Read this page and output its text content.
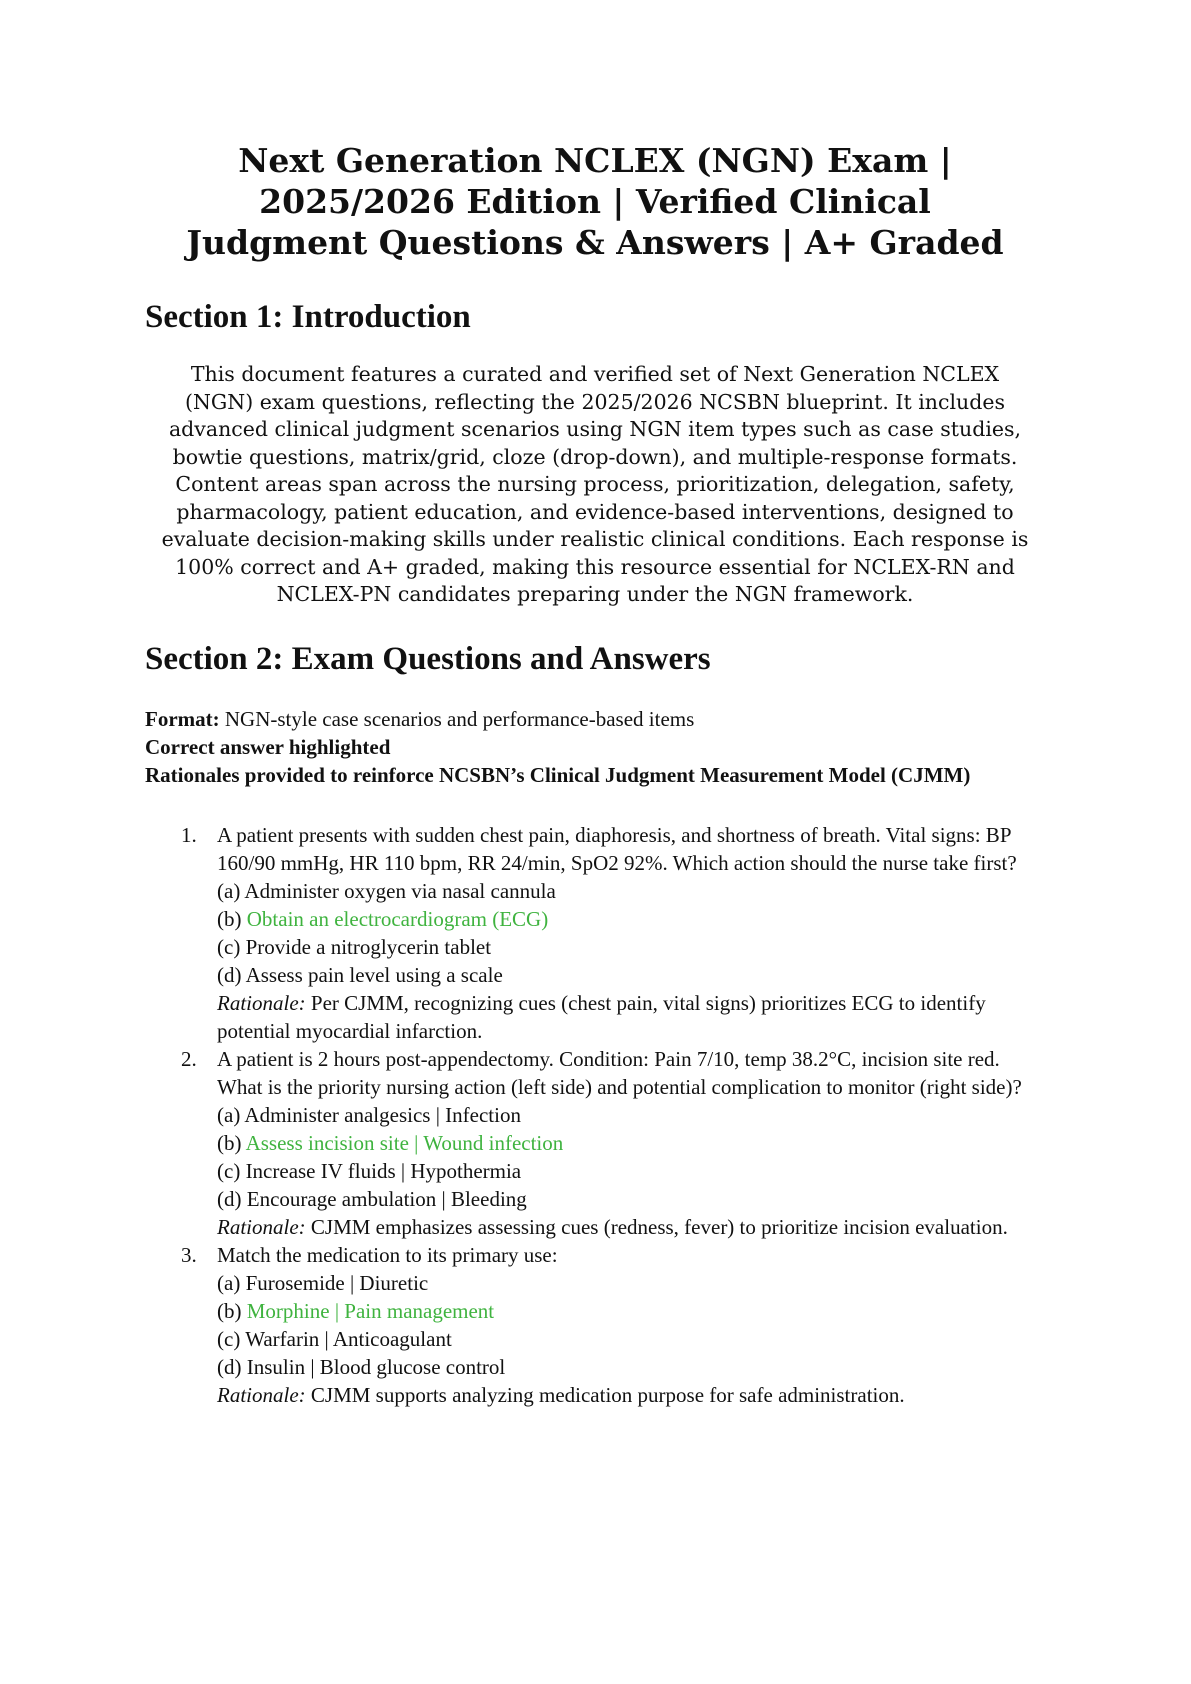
Next Generation NCLEX (NGN) Exam | 2025/2026 Edition | Verified Clinical Judgment Questions & Answers | A+ Graded
Section 1: Introduction

This document features a curated and verified set of Next Generation NCLEX (NGN) exam questions, reflecting the 2025/2026 NCSBN blueprint. It includes advanced clinical judgment scenarios using NGN item types such as case studies, bowtie questions, matrix/grid, cloze (drop-down), and multiple-response formats. Content areas span across the nursing process, prioritization, delegation, safety, pharmacology, patient education, and evidence-based interventions, designed to evaluate decision-making skills under realistic clinical conditions. Each response is 100% correct and A+ graded, making this resource essential for NCLEX-RN and NCLEX-PN candidates preparing under the NGN framework.

Section 2: Exam Questions and Answers
Format: NGN-style case scenarios and performance-based items
Correct answer highlighted
Rationales provided to reinforce NCSBN’s Clinical Judgment Measurement Model (CJMM)
1. A patient presents with sudden chest pain, diaphoresis, and shortness of breath. Vital signs: BP 160/90 mmHg, HR 110 bpm, RR 24/min, SpO2 92%. Which action should the nurse take first?
(a) Administer oxygen via nasal cannula
(b) Obtain an electrocardiogram (ECG)
(c) Provide a nitroglycerin tablet
(d) Assess pain level using a scale
Rationale: Per CJMM, recognizing cues (chest pain, vital signs) prioritizes ECG to identify potential myocardial infarction.
2. A patient is 2 hours post-appendectomy. Condition: Pain 7/10, temp 38.2°C, incision site red. What is the priority nursing action (left side) and potential complication to monitor (right side)?
(a) Administer analgesics | Infection
(b) Assess incision site | Wound infection
(c) Increase IV fluids | Hypothermia
(d) Encourage ambulation | Bleeding
Rationale: CJMM emphasizes assessing cues (redness, fever) to prioritize incision evaluation.
3. Match the medication to its primary use:
(a) Furosemide | Diuretic
(b) Morphine | Pain management
(c) Warfarin | Anticoagulant
(d) Insulin | Blood glucose control
Rationale: CJMM supports analyzing medication purpose for safe administration.
